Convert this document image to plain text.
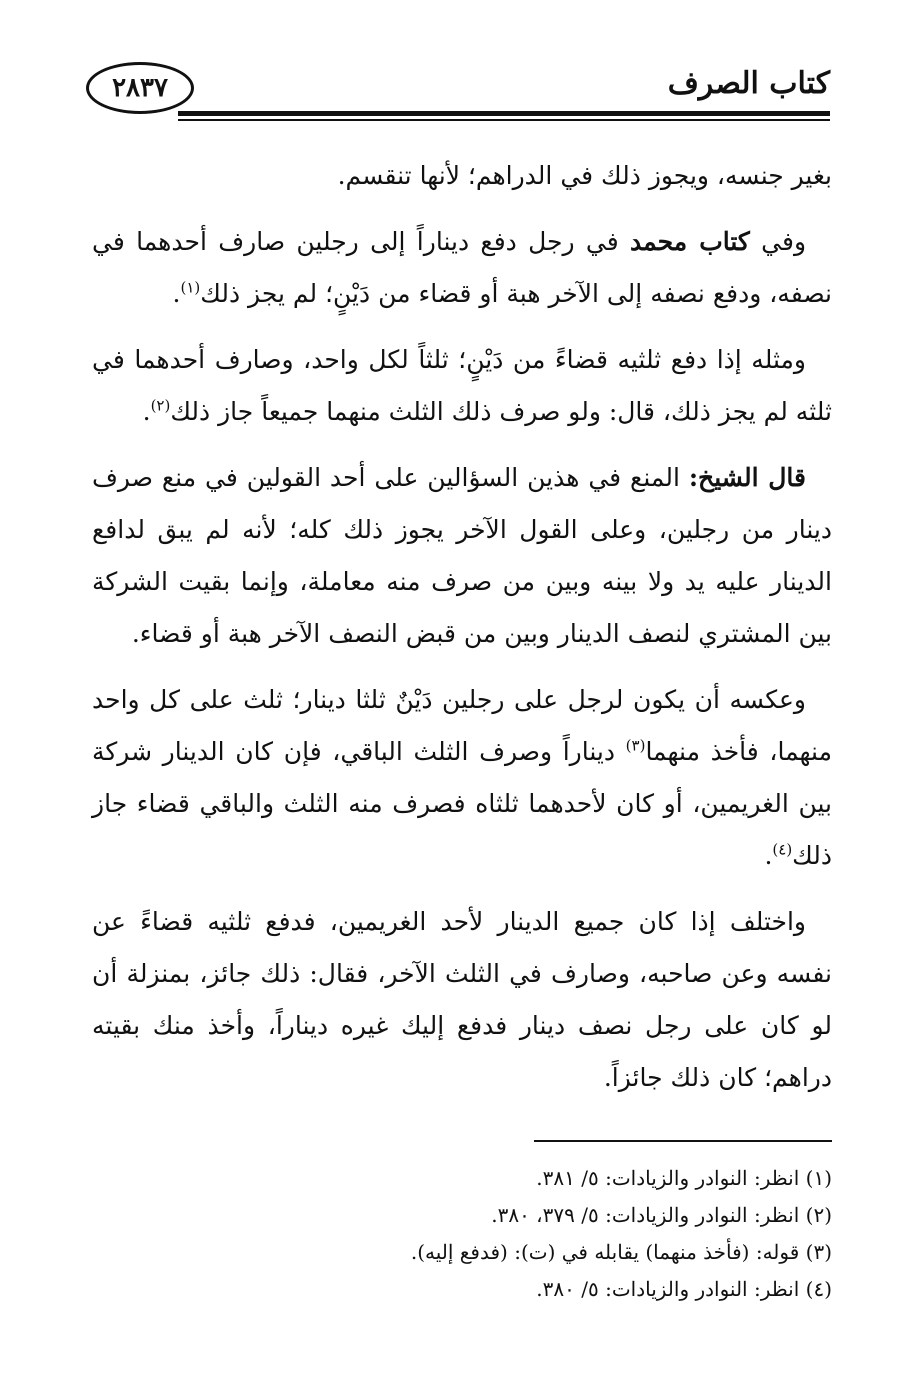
٢٨٣٧	كتاب الصرف

بغير جنسه، ويجوز ذلك في الدراهم؛ لأنها تنقسم.

وفي كتاب محمد في رجل دفع ديناراً إلى رجلين صارف أحدهما في نصفه، ودفع نصفه إلى الآخر هبة أو قضاء من دَيْنٍ؛ لم يجز ذلك$^{(١)}$.

ومثله إذا دفع ثلثيه قضاءً من دَيْنٍ؛ ثلثاً لكل واحد، وصارف أحدهما في ثلثه لم يجز ذلك، قال: ولو صرف ذلك الثلث منهما جميعاً جاز ذلك$^{(٢)}$.

قال الشيخ: المنع في هذين السؤالين على أحد القولين في منع صرف دينار من رجلين، وعلى القول الآخر يجوز ذلك كله؛ لأنه لم يبق لدافع الدينار عليه يد ولا بينه وبين من صرف منه معاملة، وإنما بقيت الشركة بين المشتري لنصف الدينار وبين من قبض النصف الآخر هبة أو قضاء.

وعكسه أن يكون لرجل على رجلين دَيْنٌ ثلثا دينار؛ ثلث على كل واحد منهما، فأخذ منهما$^{(٣)}$ ديناراً وصرف الثلث الباقي، فإن كان الدينار شركة بين الغريمين، أو كان لأحدهما ثلثاه فصرف منه الثلث والباقي قضاء جاز ذلك$^{(٤)}$.

واختلف إذا كان جميع الدينار لأحد الغريمين، فدفع ثلثيه قضاءً عن نفسه وعن صاحبه، وصارف في الثلث الآخر، فقال: ذلك جائز، بمنزلة أن لو كان على رجل نصف دينار فدفع إليك غيره ديناراً، وأخذ منك بقيته دراهم؛ كان ذلك جائزاً.

(١) انظر: النوادر والزيادات: ٥/ ٣٨١.
(٢) انظر: النوادر والزيادات: ٥/ ٣٧٩، ٣٨٠.
(٣) قوله: (فأخذ منهما) يقابله في (ت): (فدفع إليه).
(٤) انظر: النوادر والزيادات: ٥/ ٣٨٠.
